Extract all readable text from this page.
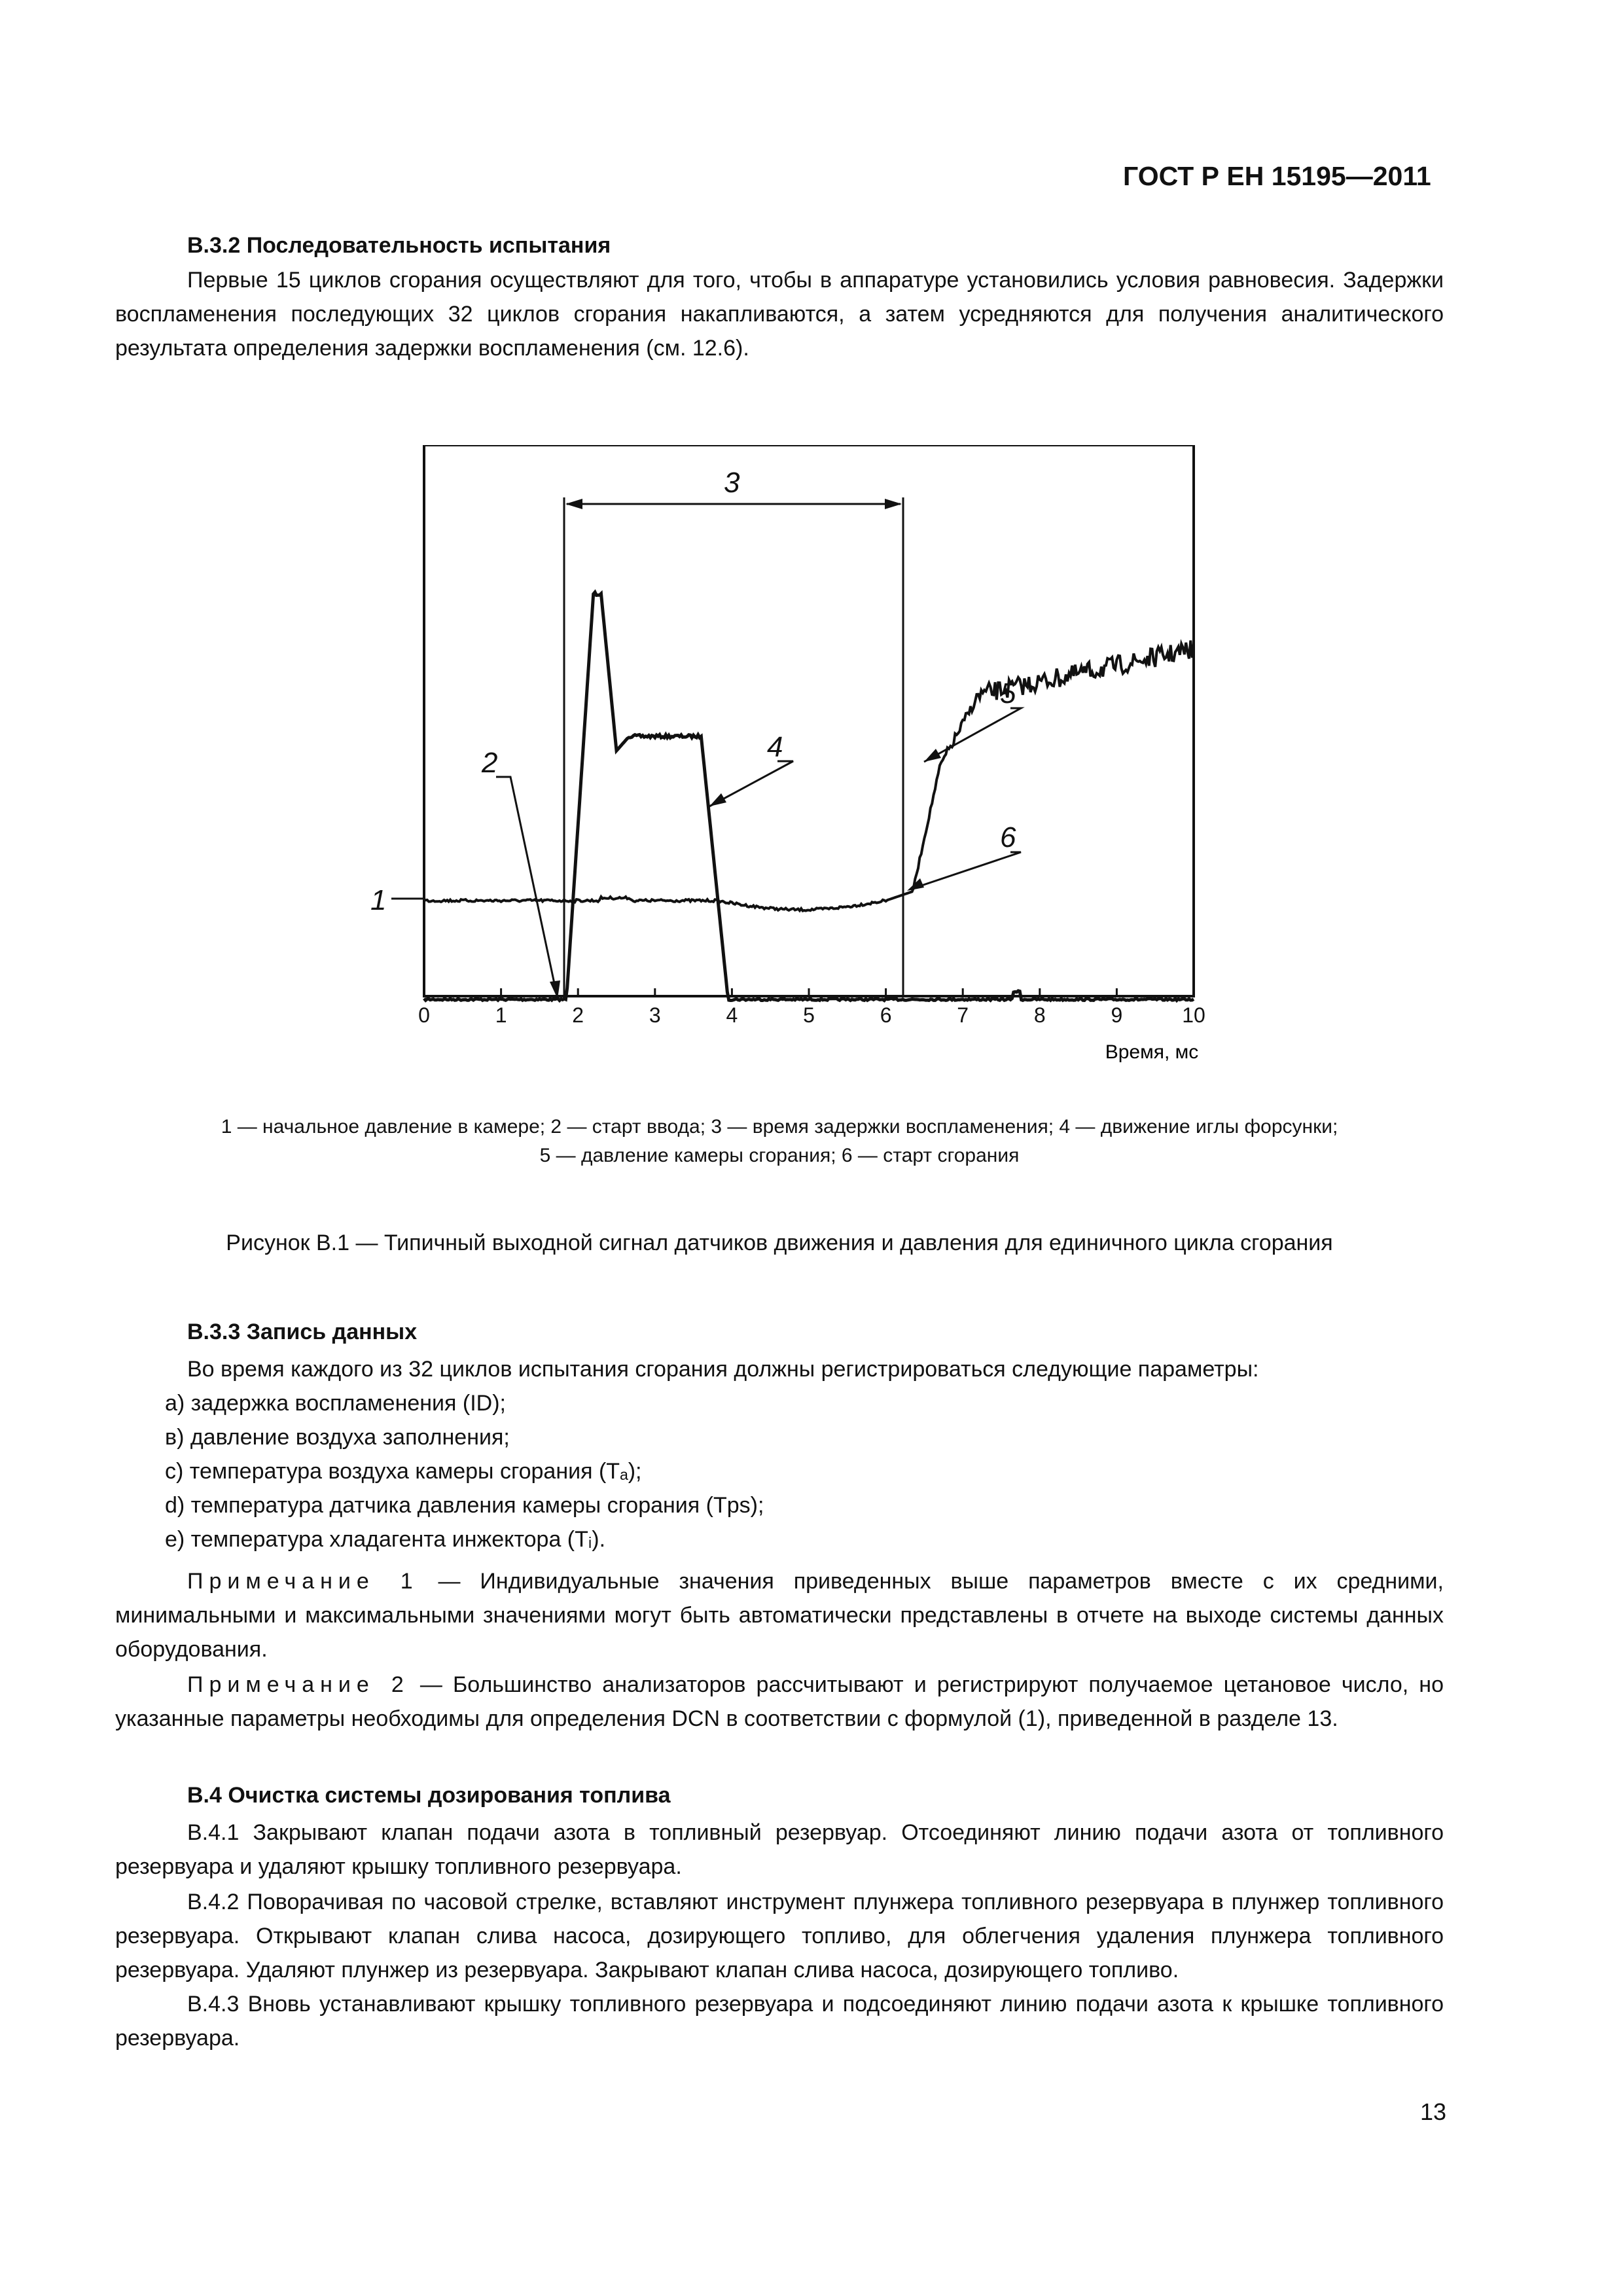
ГОСТ Р ЕН 15195—2011
В.3.2 Последовательность испытания
Первые 15 циклов сгорания осуществляют для того, чтобы в аппаратуре установились условия равновесия. Задержки воспламенения последующих 32 циклов сгорания накапливаются, а затем усредняются для получения аналитического результата определения задержки воспламенения (см. 12.6).
0	1	2	3	4	5	6	7	8	9	10
Время, мс
1
2
3
4
5
6
1 — начальное давление в камере; 2 — старт ввода; 3 — время задержки воспламенения; 4 — движение иглы форсунки;
5 — давление камеры сгорания; 6 — старт сгорания
Рисунок В.1 — Типичный выходной сигнал датчиков движения и давления для единичного цикла сгорания
В.3.3 Запись данных
Во время каждого из 32 циклов испытания сгорания должны регистрироваться следующие параметры:
а) задержка воспламенения (ID);
в) давление воздуха заполнения;
c) температура воздуха камеры сгорания (Tₐ);
d) температура датчика давления камеры сгорания (Tps);
e) температура хладагента инжектора (Tᵢ).
Примечание 1 — Индивидуальные значения приведенных выше параметров вместе с их средними, минимальными и максимальными значениями могут быть автоматически представлены в отчете на выходе системы данных оборудования.
Примечание 2 — Большинство анализаторов рассчитывают и регистрируют получаемое цетановое число, но указанные параметры необходимы для определения DCN в соответствии с формулой (1), приведенной в разделе 13.
В.4 Очистка системы дозирования топлива
В.4.1 Закрывают клапан подачи азота в топливный резервуар. Отсоединяют линию подачи азота от топливного резервуара и удаляют крышку топливного резервуара.
В.4.2 Поворачивая по часовой стрелке, вставляют инструмент плунжера топливного резервуара в плунжер топливного резервуара. Открывают клапан слива насоса, дозирующего топливо, для облегчения удаления плунжера топливного резервуара. Удаляют плунжер из резервуара. Закрывают клапан слива насоса, дозирующего топливо.
В.4.3 Вновь устанавливают крышку топливного резервуара и подсоединяют линию подачи азота к крышке топливного резервуара.
13
